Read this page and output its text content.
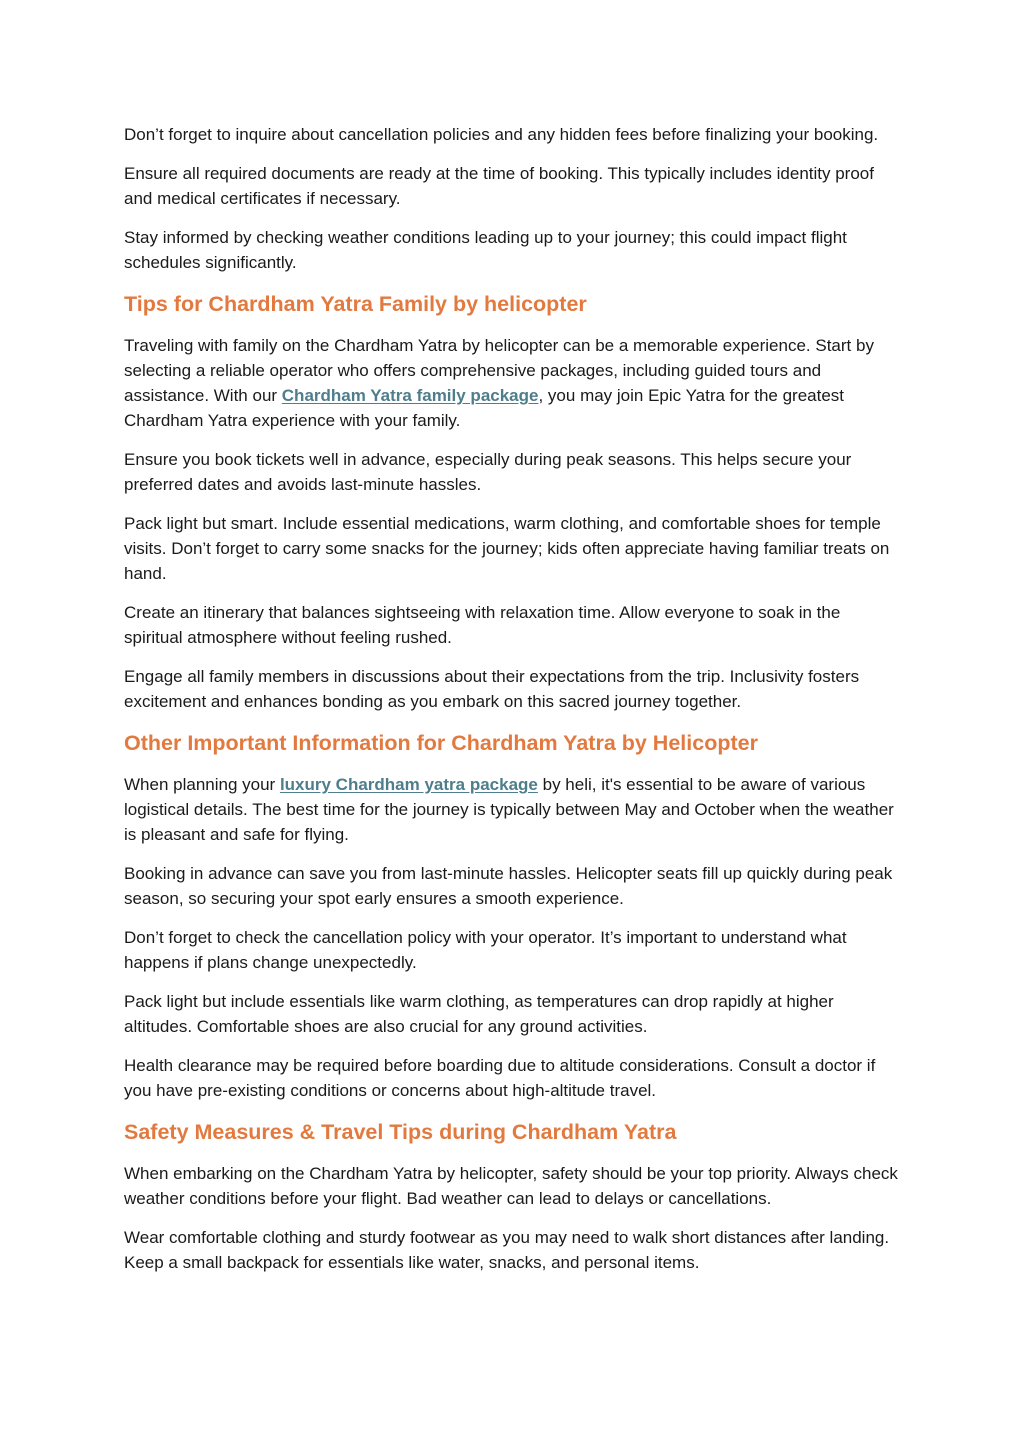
Don’t forget to inquire about cancellation policies and any hidden fees before finalizing your booking.

Ensure all required documents are ready at the time of booking. This typically includes identity proof and medical certificates if necessary.

Stay informed by checking weather conditions leading up to your journey; this could impact flight schedules significantly.

Tips for Chardham Yatra Family by helicopter

Traveling with family on the Chardham Yatra by helicopter can be a memorable experience. Start by selecting a reliable operator who offers comprehensive packages, including guided tours and assistance. With our Chardham Yatra family package, you may join Epic Yatra for the greatest Chardham Yatra experience with your family.

Ensure you book tickets well in advance, especially during peak seasons. This helps secure your preferred dates and avoids last-minute hassles.

Pack light but smart. Include essential medications, warm clothing, and comfortable shoes for temple visits. Don’t forget to carry some snacks for the journey; kids often appreciate having familiar treats on hand.

Create an itinerary that balances sightseeing with relaxation time. Allow everyone to soak in the spiritual atmosphere without feeling rushed.

Engage all family members in discussions about their expectations from the trip. Inclusivity fosters excitement and enhances bonding as you embark on this sacred journey together.

Other Important Information for Chardham Yatra by Helicopter

When planning your luxury Chardham yatra package by heli, it's essential to be aware of various logistical details. The best time for the journey is typically between May and October when the weather is pleasant and safe for flying.

Booking in advance can save you from last-minute hassles. Helicopter seats fill up quickly during peak season, so securing your spot early ensures a smooth experience.

Don’t forget to check the cancellation policy with your operator. It’s important to understand what happens if plans change unexpectedly.

Pack light but include essentials like warm clothing, as temperatures can drop rapidly at higher altitudes. Comfortable shoes are also crucial for any ground activities.

Health clearance may be required before boarding due to altitude considerations. Consult a doctor if you have pre-existing conditions or concerns about high-altitude travel.

Safety Measures & Travel Tips during Chardham Yatra

When embarking on the Chardham Yatra by helicopter, safety should be your top priority. Always check weather conditions before your flight. Bad weather can lead to delays or cancellations.

Wear comfortable clothing and sturdy footwear as you may need to walk short distances after landing. Keep a small backpack for essentials like water, snacks, and personal items.
